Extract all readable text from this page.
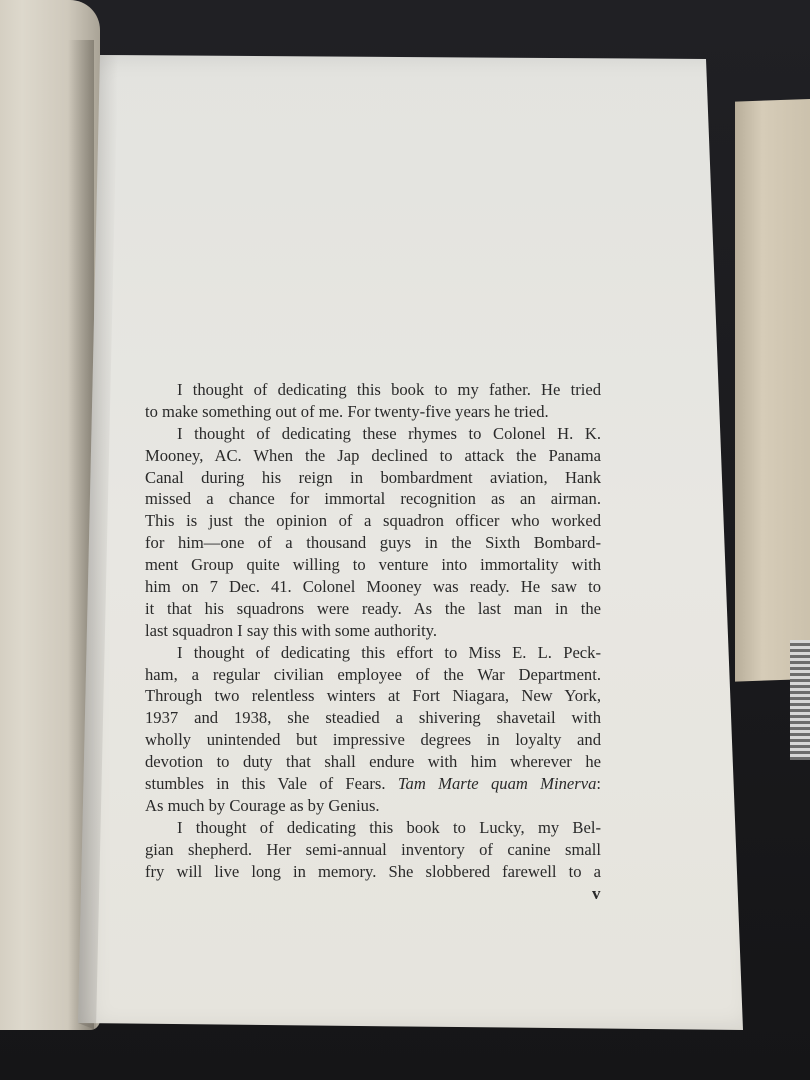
I thought of dedicating this book to my father. He tried
to make something out of me. For twenty-five years he tried.
I thought of dedicating these rhymes to Colonel H. K.
Mooney, AC. When the Jap declined to attack the Panama
Canal during his reign in bombardment aviation, Hank
missed a chance for immortal recognition as an airman.
This is just the opinion of a squadron officer who worked
for him—one of a thousand guys in the Sixth Bombard-
ment Group quite willing to venture into immortality with
him on 7 Dec. 41. Colonel Mooney was ready. He saw to
it that his squadrons were ready. As the last man in the
last squadron I say this with some authority.
I thought of dedicating this effort to Miss E. L. Peck-
ham, a regular civilian employee of the War Department.
Through two relentless winters at Fort Niagara, New York,
1937 and 1938, she steadied a shivering shavetail with
wholly unintended but impressive degrees in loyalty and
devotion to duty that shall endure with him wherever he
stumbles in this Vale of Fears. Tam Marte quam Minerva:
As much by Courage as by Genius.
I thought of dedicating this book to Lucky, my Bel-
gian shepherd. Her semi-annual inventory of canine small
fry will live long in memory. She slobbered farewell to a
v
